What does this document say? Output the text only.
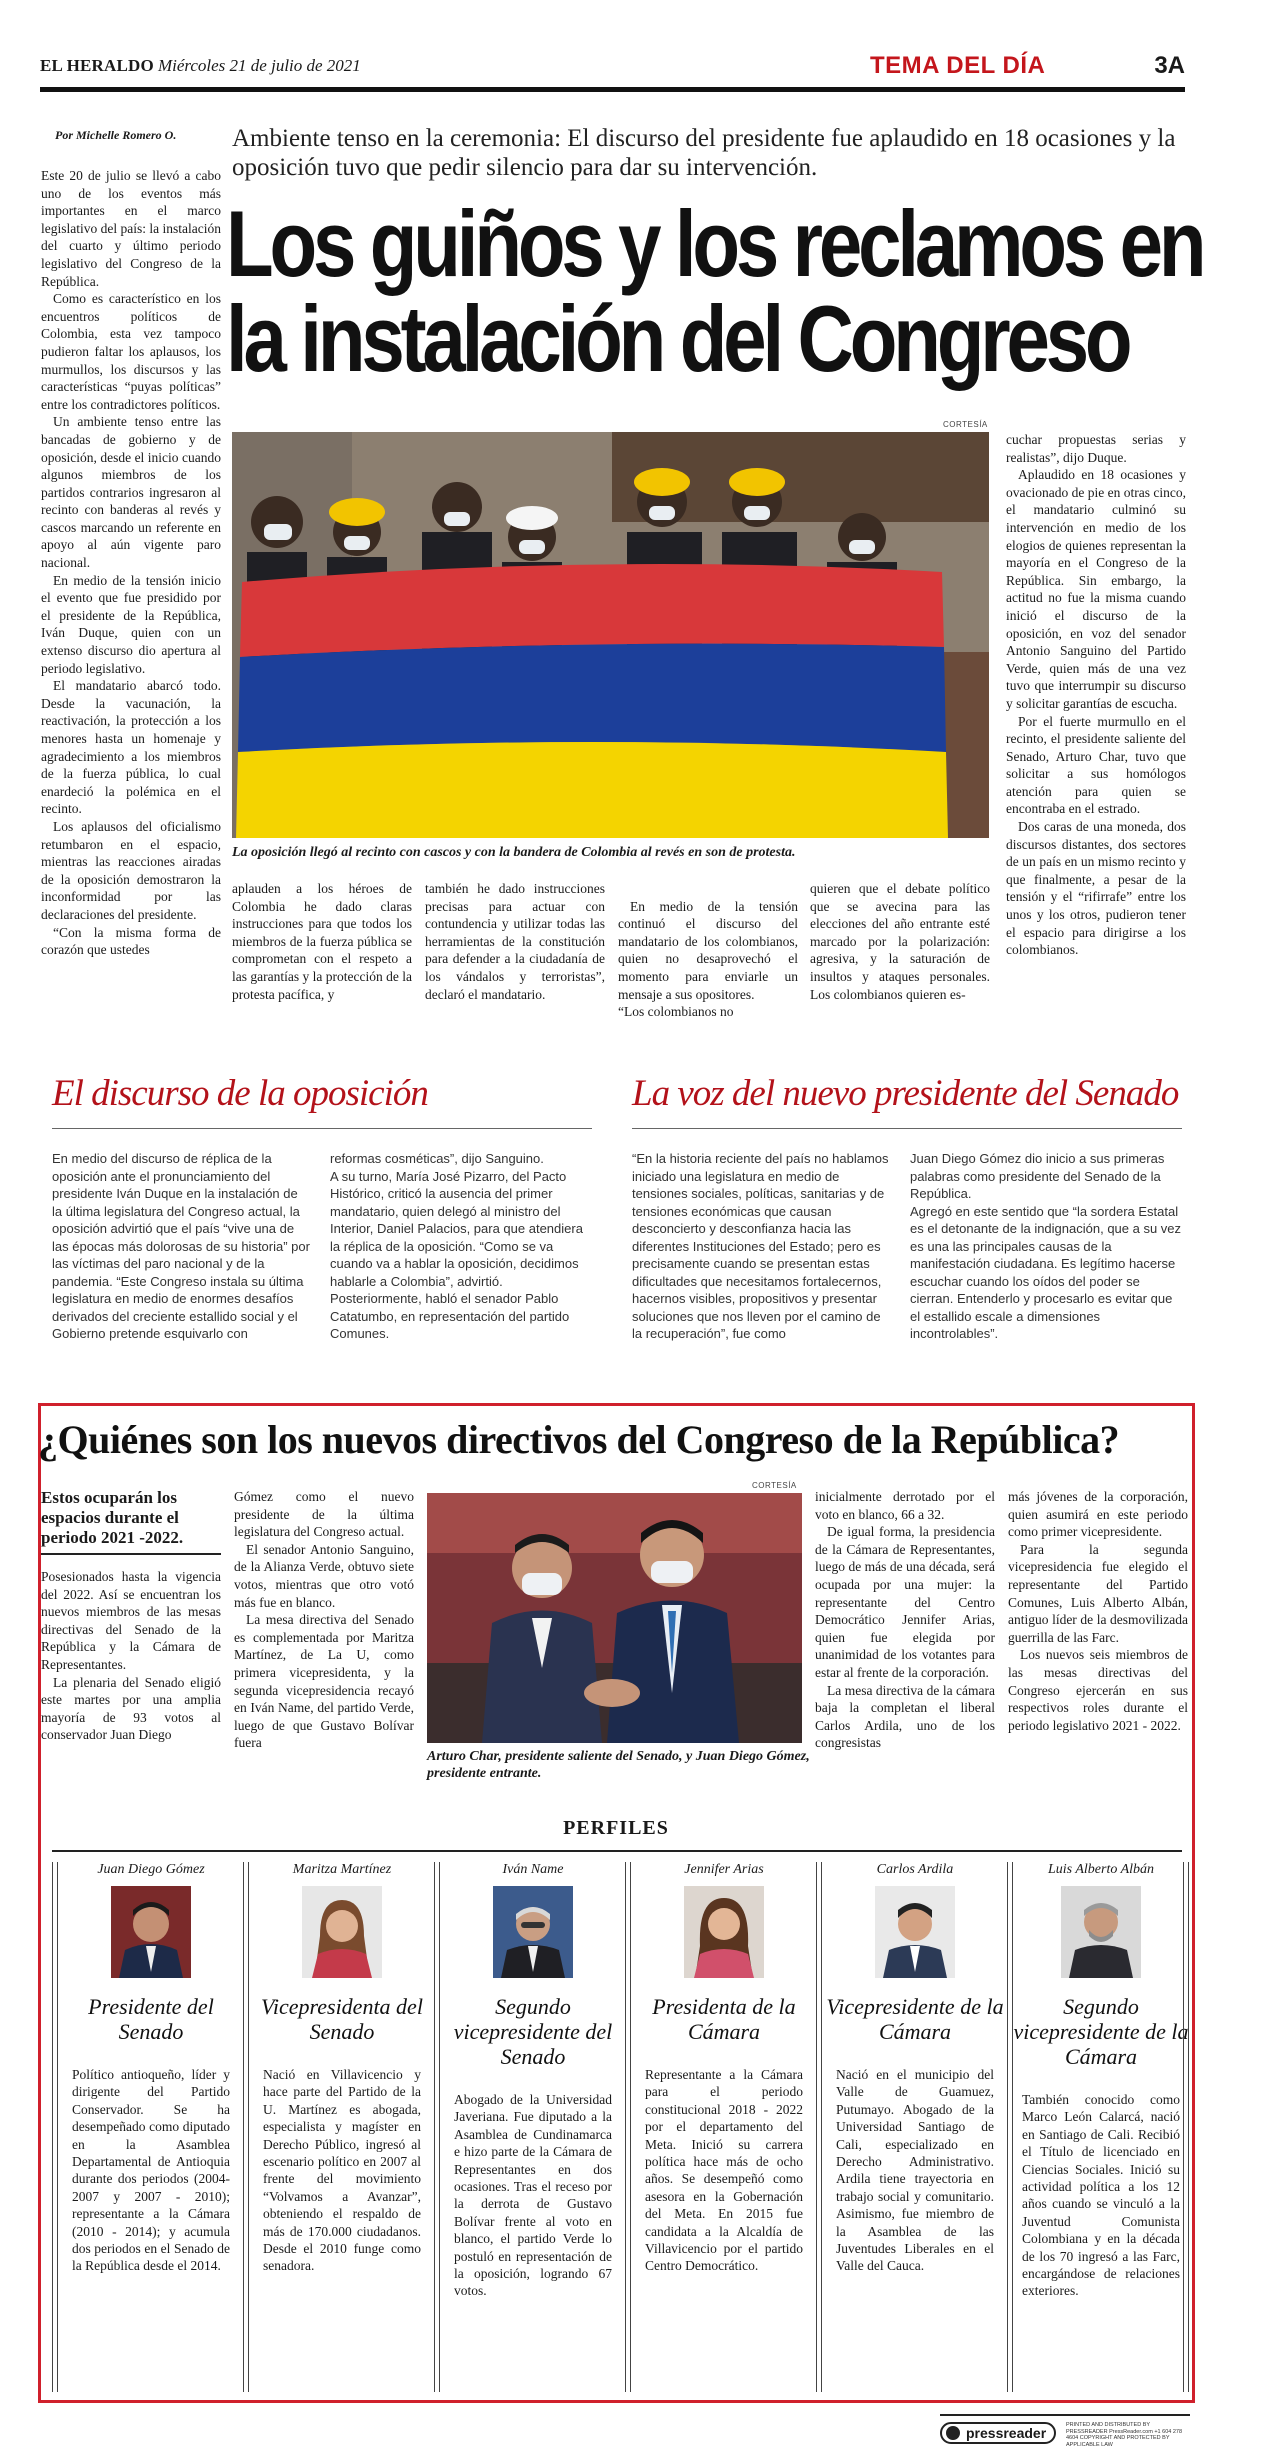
EL HERALDO Miércoles 21 de julio de 2021	TEMA DEL DÍA	3A
Por Michelle Romero O. Ambiente tenso en la ceremonia: El discurso del presidente fue aplaudido en 18 ocasiones y la oposición tuvo que pedir silencio para dar su intervención.
Los guiños y los reclamos en
la instalación del Congreso

Este 20 de julio se llevó a cabo uno de los eventos más importantes en el marco legislativo del país: la instalación del cuarto y último periodo legislativo del Congreso de la República.

Como es característico en los encuentros políticos de Colombia, esta vez tampoco pudieron faltar los aplausos, los murmullos, los discursos y las características “puyas políticas” entre los contradictores políticos.

Un ambiente tenso entre las bancadas de gobierno y de oposición, desde el inicio cuando algunos miembros de los partidos contrarios ingresaron al recinto con banderas al revés y cascos marcando un referente en apoyo al aún vigente paro nacional.

En medio de la tensión inicio el evento que fue presidido por el presidente de la República, Iván Duque, quien con un extenso discurso dio apertura al periodo legislativo.

El mandatario abarcó todo. Desde la vacunación, la reactivación, la protección a los menores hasta un homenaje y agradecimiento a los miembros de la fuerza pública, lo cual enardeció la polémica en el recinto.

Los aplausos del oficialismo retumbaron en el espacio, mientras las reacciones airadas de la oposición demostraron la inconformidad por las declaraciones del presidente.

“Con la misma forma de corazón que ustedes

CORTESÍA
La oposición llegó al recinto con cascos y con la bandera de Colombia al revés en son de protesta.

aplauden a los héroes de Colombia he dado claras instrucciones para que todos los miembros de la fuerza pública se comprometan con el respeto a las garantías y la protección de la protesta pacífica, y

también he dado instrucciones precisas para actuar con contundencia y utilizar todas las herramientas de la constitución para defender a la ciudadanía de los vándalos y terroristas”, declaró el mandatario.

En medio de la tensión continuó el discurso del mandatario de los colombianos, quien no desaprovechó el momento para enviarle un mensaje a sus opositores.
“Los colombianos no

quieren que el debate político que se avecina para las elecciones del año entrante esté marcado por la polarización: agresiva, y la saturación de insultos y ataques personales. Los colombianos quieren es-

cuchar propuestas serias y realistas”, dijo Duque.

Aplaudido en 18 ocasiones y ovacionado de pie en otras cinco, el mandatario culminó su intervención en medio de los elogios de quienes representan la mayoría en el Congreso de la República. Sin embargo, la actitud no fue la misma cuando inició el discurso de la oposición, en voz del senador Antonio Sanguino del Partido Verde, quien más de una vez tuvo que interrumpir su discurso y solicitar garantías de escucha.

Por el fuerte murmullo en el recinto, el presidente saliente del Senado, Arturo Char, tuvo que solicitar a sus homólogos atención para quien se encontraba en el estrado.

Dos caras de una moneda, dos discursos distantes, dos sectores de un país en un mismo recinto y que finalmente, a pesar de la tensión y el “rifirrafe” entre los unos y los otros, pudieron tener el espacio para dirigirse a los colombianos.

El discurso de la oposición
En medio del discurso de réplica de la oposición ante el pronunciamiento del presidente Iván Duque en la instalación de la última legislatura del Congreso actual, la oposición advirtió que el país “vive una de las épocas más dolorosas de su historia” por las víctimas del paro nacional y de la pandemia. “Este Congreso instala su última legislatura en medio de enormes desafíos derivados del creciente estallido social y el Gobierno pretende esquivarlo con
reformas cosméticas”, dijo Sanguino.
A su turno, María José Pizarro, del Pacto Histórico, criticó la ausencia del primer mandatario, quien delegó al ministro del Interior, Daniel Palacios, para que atendiera la réplica de la oposición. “Como se va cuando va a hablar la oposición, decidimos hablarle a Colombia”, advirtió.
Posteriormente, habló el senador Pablo Catatumbo, en representación del partido Comunes.
La voz del nuevo presidente del Senado
“En la historia reciente del país no hablamos iniciado una legislatura en medio de tensiones sociales, políticas, sanitarias y de tensiones económicas que causan desconcierto y desconfianza hacia las diferentes Instituciones del Estado; pero es precisamente cuando se presentan estas dificultades que necesitamos fortalecernos, hacernos visibles, propositivos y presentar soluciones que nos lleven por el camino de la recuperación”, fue como
Juan Diego Gómez dio inicio a sus primeras palabras como presidente del Senado de la República.
Agregó en este sentido que “la sordera Estatal es el detonante de la indignación, que a su vez es una las principales causas de la manifestación ciudadana. Es legítimo hacerse escuchar cuando los oídos del poder se cierran. Entenderlo y procesarlo es evitar que el estallido escale a dimensiones incontrolables”.
¿Quiénes son los nuevos directivos del Congreso de la República?
Estos ocuparán los espacios durante el periodo 2021 -2022.

Posesionados hasta la vigencia del 2022. Así se encuentran los nuevos miembros de las mesas directivas del Senado de la República y la Cámara de Representantes.

La plenaria del Senado eligió este martes por una amplia mayoría de 93 votos al conservador Juan Diego

Gómez como el nuevo presidente de la última legislatura del Congreso actual.

El senador Antonio Sanguino, de la Alianza Verde, obtuvo siete votos, mientras que otro votó más fue en blanco.

La mesa directiva del Senado es complementada por Maritza Martínez, de La U, como primera vicepresidenta, y la segunda vicepresidencia recayó en Iván Name, del partido Verde, luego de que Gustavo Bolívar fuera

CORTESÍA
Arturo Char, presidente saliente del Senado, y Juan Diego Gómez, presidente entrante.

inicialmente derrotado por el voto en blanco, 66 a 32.

De igual forma, la presidencia de la Cámara de Representantes, luego de más de una década, será ocupada por una mujer: la representante del Centro Democrático Jennifer Arias, quien fue elegida por unanimidad de los votantes para estar al frente de la corporación.

La mesa directiva de la cámara baja la completan el liberal Carlos Ardila, uno de los congresistas

más jóvenes de la corporación, quien asumirá en este periodo como primer vicepresidente.

Para la segunda vicepresidencia fue elegido el representante del Partido Comunes, Luis Alberto Albán, antiguo líder de la desmovilizada guerrilla de las Farc.

Los nuevos seis miembros de las mesas directivas del Congreso ejercerán en sus respectivos roles durante el periodo legislativo 2021 - 2022.

PERFILES
Juan Diego Gómez
Presidente del Senado
Político antioqueño, líder y dirigente del Partido Conservador. Se ha desempeñado como diputado en la Asamblea Departamental de Antioquia durante dos periodos (2004-2007 y 2007 - 2010); representante a la Cámara (2010 - 2014); y acumula dos periodos en el Senado de la República desde el 2014.
Maritza Martínez
Vicepresidenta del Senado
Nació en Villavicencio y hace parte del Partido de la U. Martínez es abogada, especialista y magíster en Derecho Público, ingresó al escenario político en 2007 al frente del movimiento “Volvamos a Avanzar”, obteniendo el respaldo de más de 170.000 ciudadanos. Desde el 2010 funge como senadora.
Iván Name
Segundo vicepresidente del Senado
Abogado de la Universidad Javeriana. Fue diputado a la Asamblea de Cundinamarca e hizo parte de la Cámara de Representantes en dos ocasiones. Tras el receso por la derrota de Gustavo Bolívar frente al voto en blanco, el partido Verde lo postuló en representación de la oposición, logrando 67 votos.
Jennifer Arias
Presidenta de la Cámara
Representante a la Cámara para el periodo constitucional 2018 - 2022 por el departamento del Meta. Inició su carrera política hace más de ocho años. Se desempeñó como asesora en la Gobernación del Meta. En 2015 fue candidata a la Alcaldía de Villavicencio por el partido Centro Democrático.
Carlos Ardila
Vicepresidente de la Cámara
Nació en el municipio del Valle de Guamuez, Putumayo. Abogado de la Universidad Santiago de Cali, especializado en Derecho Administrativo. Ardila tiene trayectoria en trabajo social y comunitario. Asimismo, fue miembro de la Asamblea de las Juventudes Liberales en el Valle del Cauca.
Luis Alberto Albán
Segundo vicepresidente de la Cámara
También conocido como Marco León Calarcá, nació en Santiago de Cali. Recibió el Título de licenciado en Ciencias Sociales. Inició su actividad política a los 12 años cuando se vinculó a la Juventud Comunista Colombiana y en la década de los 70 ingresó a las Farc, encargándose de relaciones exteriores.
pressreader	PRINTED AND DISTRIBUTED BY PRESSREADER PressReader.com +1 604 278 4604 COPYRIGHT AND PROTECTED BY APPLICABLE LAW
